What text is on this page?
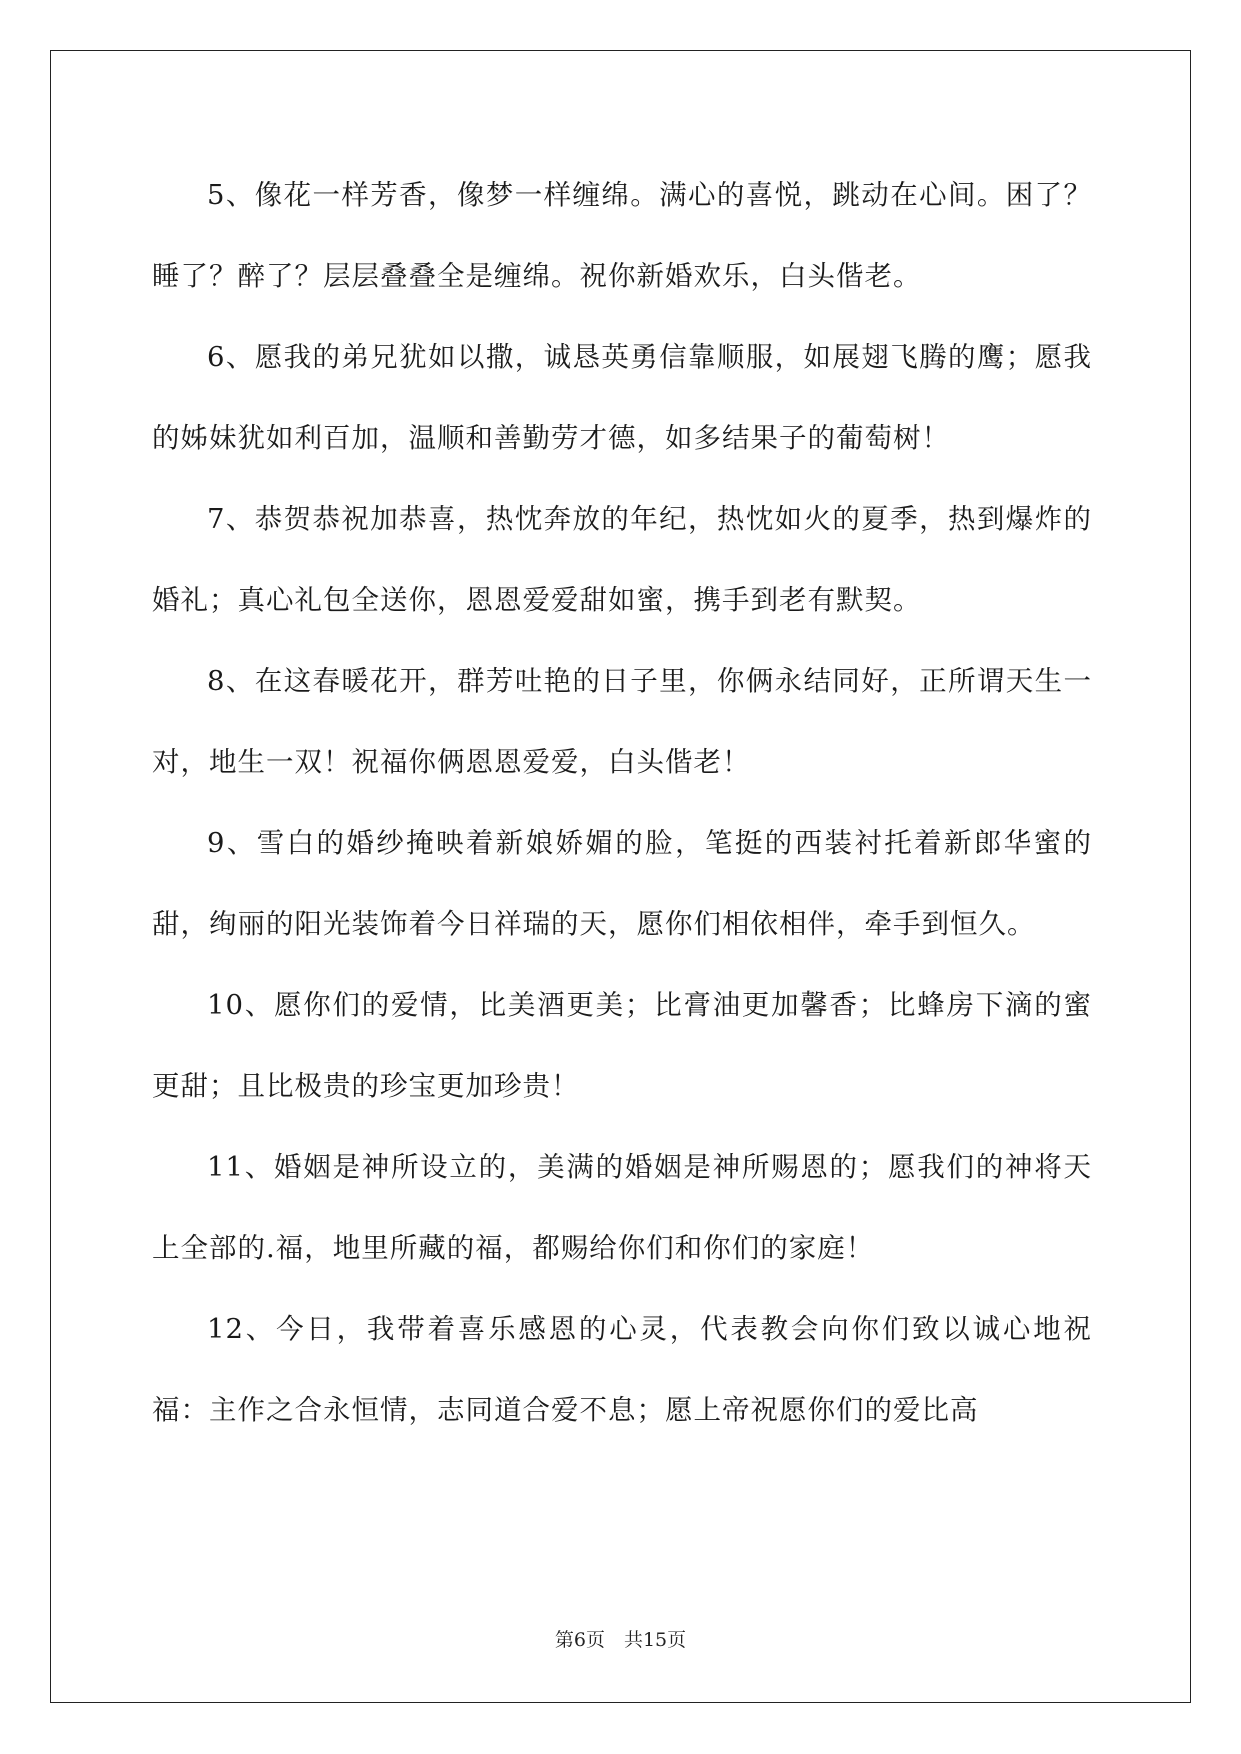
5、像花一样芳香，像梦一样缠绵。满心的喜悦，跳动在心间。困了？睡了？醉了？层层叠叠全是缠绵。祝你新婚欢乐，白头偕老。

6、愿我的弟兄犹如以撒，诚恳英勇信靠顺服，如展翅飞腾的鹰；愿我的姊妹犹如利百加，温顺和善勤劳才德，如多结果子的葡萄树！

7、恭贺恭祝加恭喜，热忱奔放的年纪，热忱如火的夏季，热到爆炸的婚礼；真心礼包全送你，恩恩爱爱甜如蜜，携手到老有默契。

8、在这春暖花开，群芳吐艳的日子里，你俩永结同好，正所谓天生一对，地生一双！祝福你俩恩恩爱爱，白头偕老！

9、雪白的婚纱掩映着新娘娇媚的脸，笔挺的西装衬托着新郎华蜜的甜，绚丽的阳光装饰着今日祥瑞的天，愿你们相依相伴，牵手到恒久。

10、愿你们的爱情，比美酒更美；比膏油更加馨香；比蜂房下滴的蜜更甜；且比极贵的珍宝更加珍贵！

11、婚姻是神所设立的，美满的婚姻是神所赐恩的；愿我们的神将天上全部的.福，地里所藏的福，都赐给你们和你们的家庭！

12、今日，我带着喜乐感恩的心灵，代表教会向你们致以诚心地祝福：主作之合永恒情，志同道合爱不息；愿上帝祝愿你们的爱比高

第6页　共15页
